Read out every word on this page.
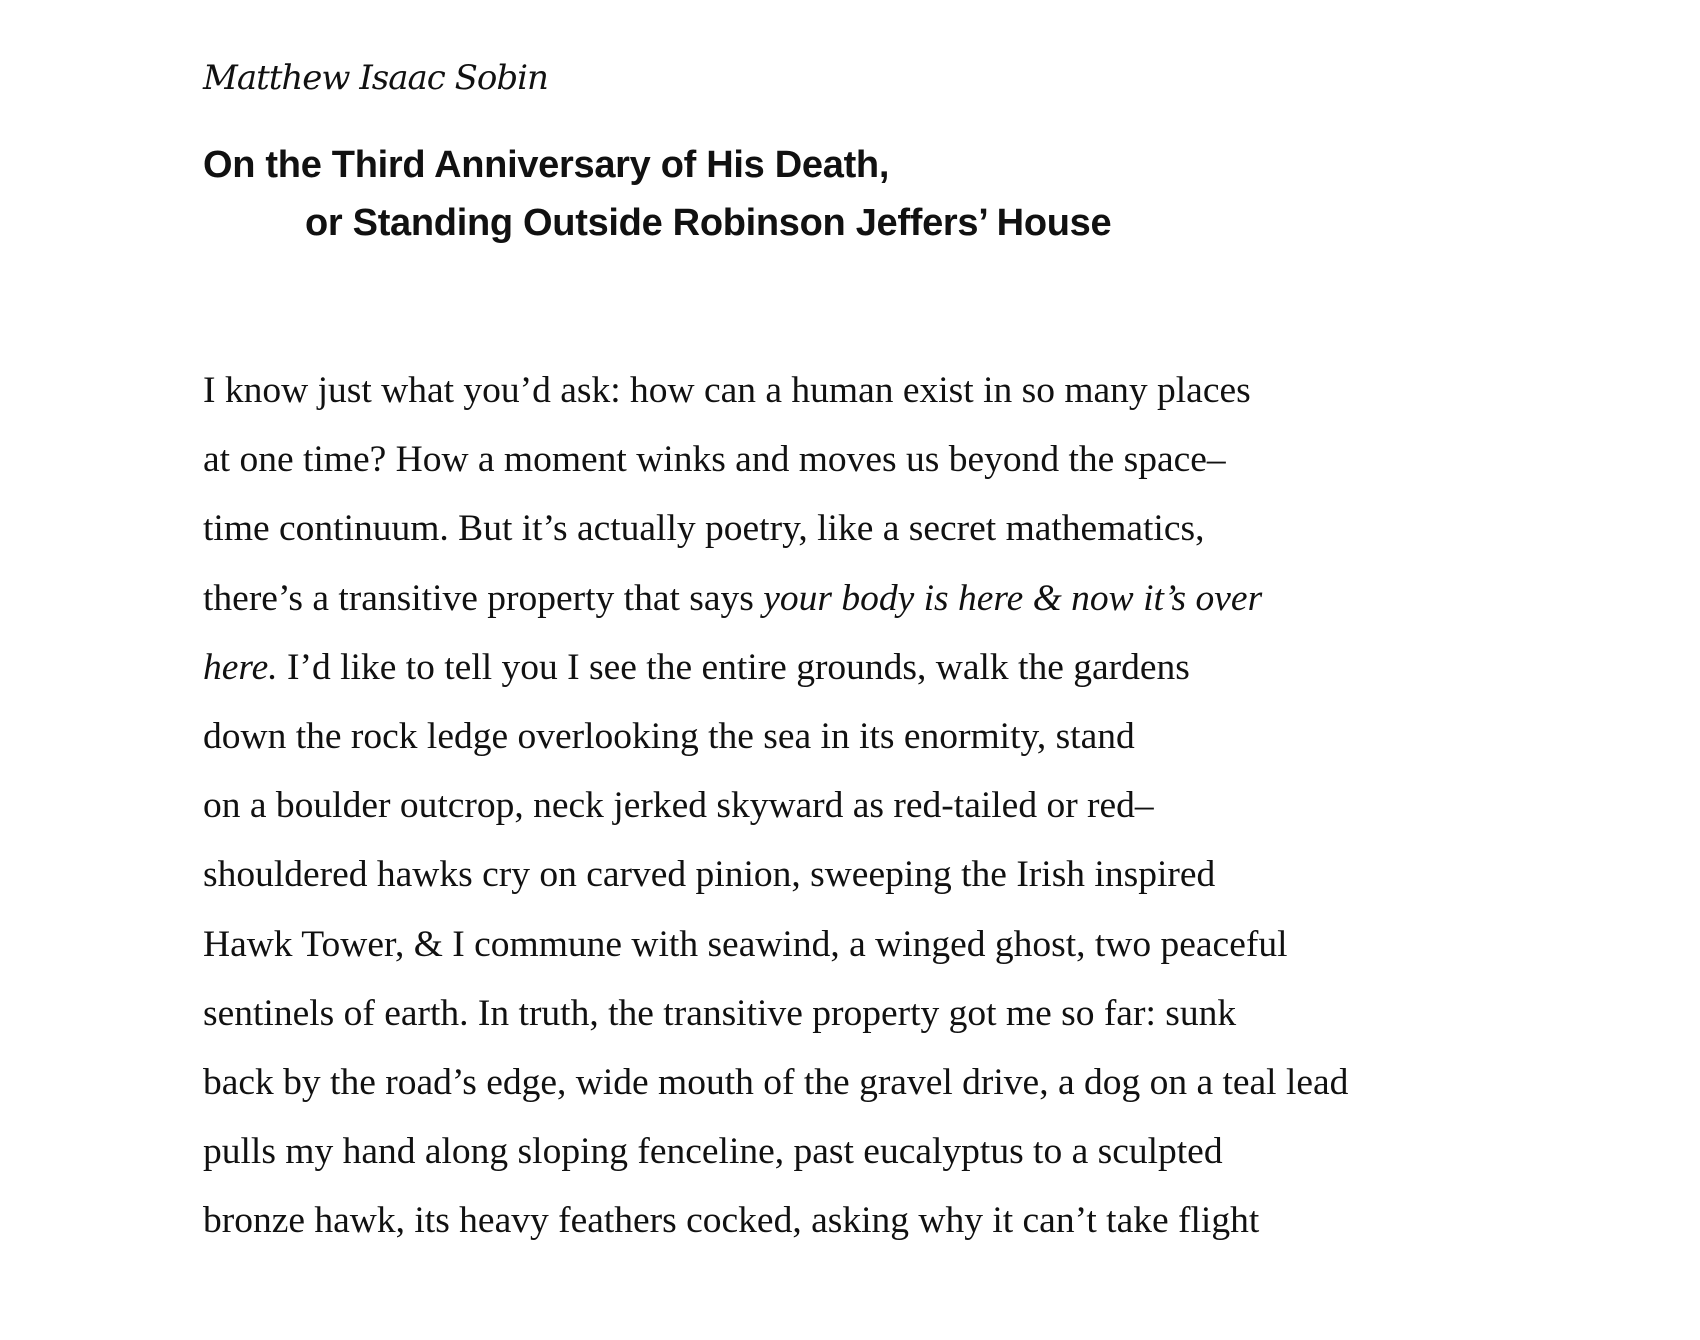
Matthew Isaac Sobin

On the Third Anniversary of His Death,
or Standing Outside Robinson Jeffers’ House
I know just what you’d ask: how can a human exist in so many places
at one time? How a moment winks and moves us beyond the space–
time continuum. But it’s actually poetry, like a secret mathematics,
there’s a transitive property that says your body is here & now it’s over
here. I’d like to tell you I see the entire grounds, walk the gardens
down the rock ledge overlooking the sea in its enormity, stand
on a boulder outcrop, neck jerked skyward as red-tailed or red–
shouldered hawks cry on carved pinion, sweeping the Irish inspired
Hawk Tower, & I commune with seawind, a winged ghost, two peaceful
sentinels of earth. In truth, the transitive property got me so far: sunk
back by the road’s edge, wide mouth of the gravel drive, a dog on a teal lead
pulls my hand along sloping fenceline, past eucalyptus to a sculpted
bronze hawk, its heavy feathers cocked, asking why it can’t take flight
